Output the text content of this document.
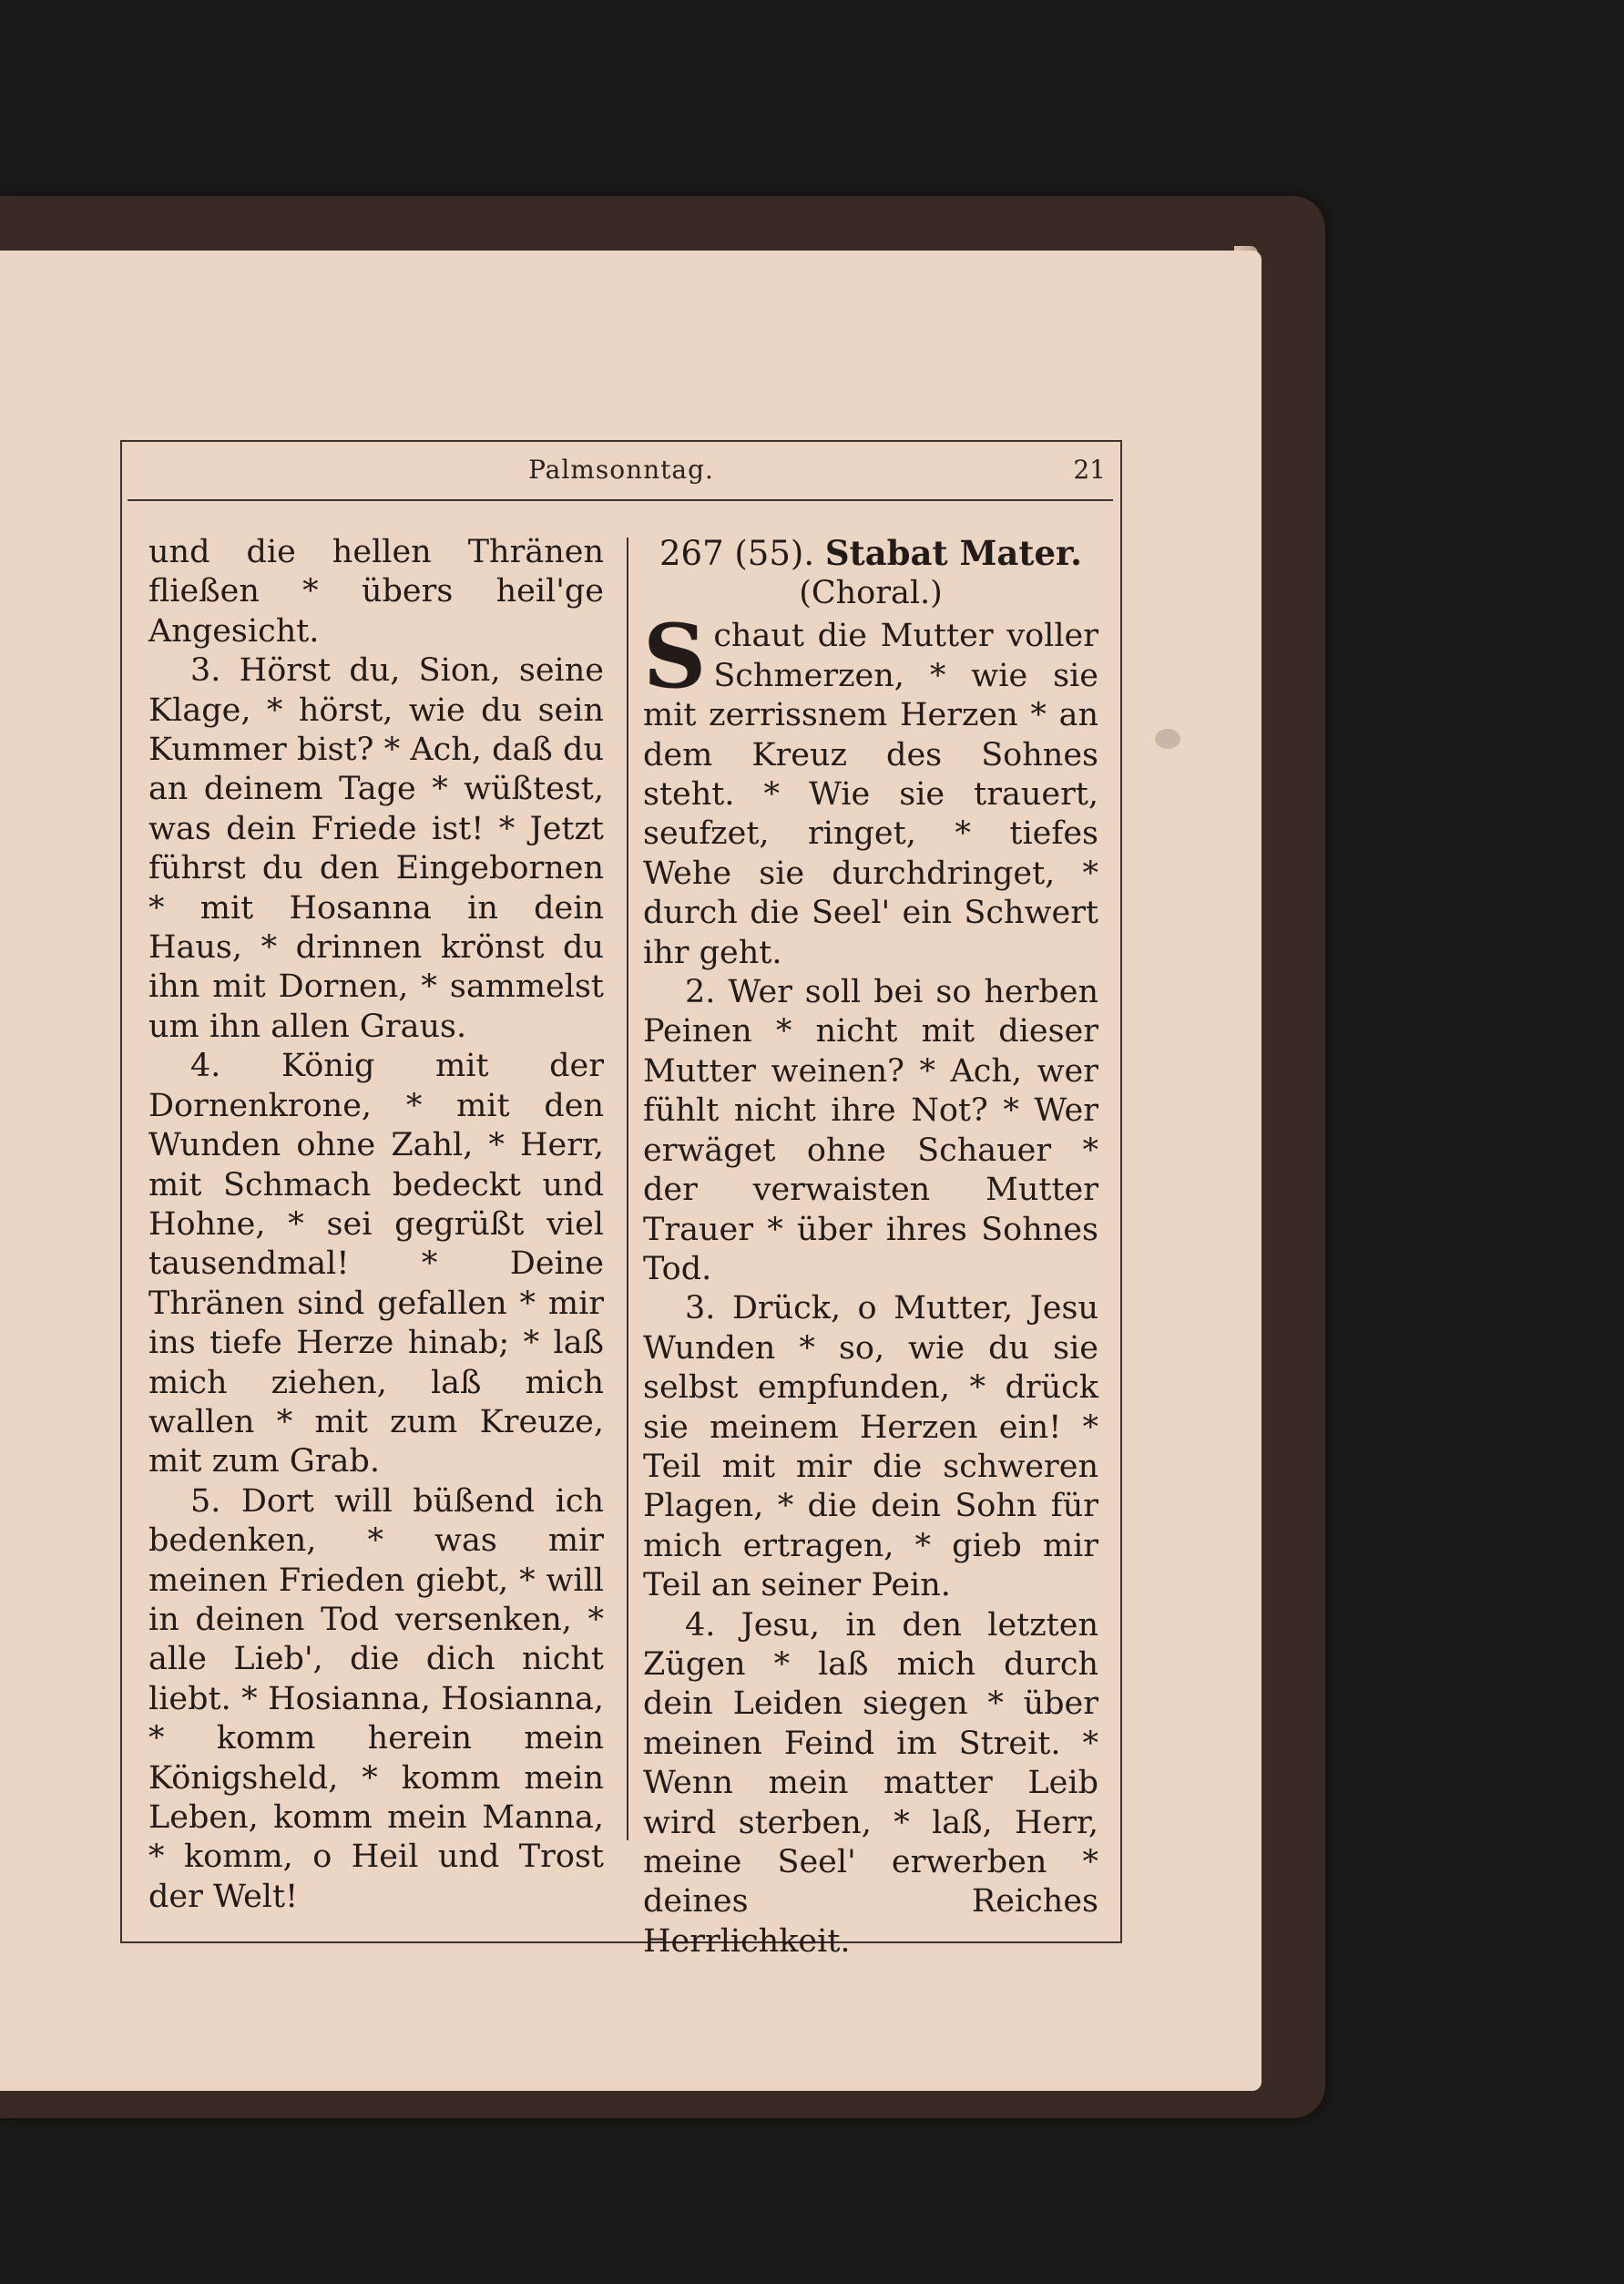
Palmsonntag.	21

und die hellen Thränen fließen * übers heil'ge Angesicht.

3. Hörst du, Sion, seine Klage, * hörst, wie du sein Kummer bist? * Ach, daß du an deinem Tage * wüßtest, was dein Friede ist! * Jetzt führst du den Eingebornen * mit Hosanna in dein Haus, * drinnen krönst du ihn mit Dornen, * sammelst um ihn allen Graus.

4. König mit der Dornenkrone, * mit den Wunden ohne Zahl, * Herr, mit Schmach bedeckt und Hohne, * sei gegrüßt viel tausendmal! * Deine Thränen sind gefallen * mir ins tiefe Herze hinab; * laß mich ziehen, laß mich wallen * mit zum Kreuze, mit zum Grab.

5. Dort will büßend ich bedenken, * was mir meinen Frieden giebt, * will in deinen Tod versenken, * alle Lieb', die dich nicht liebt. * Hosianna, Hosianna, * komm herein mein Königsheld, * komm mein Leben, komm mein Manna, * komm, o Heil und Trost der Welt!

267 (55). Stabat Mater.
(Choral.)

Schaut die Mutter voller Schmerzen, * wie sie mit zerrissnem Herzen * an dem Kreuz des Sohnes steht. * Wie sie trauert, seufzet, ringet, * tiefes Wehe sie durchdringet, * durch die Seel' ein Schwert ihr geht.

2. Wer soll bei so herben Peinen * nicht mit dieser Mutter weinen? * Ach, wer fühlt nicht ihre Not? * Wer erwäget ohne Schauer * der verwaisten Mutter Trauer * über ihres Sohnes Tod.

3. Drück, o Mutter, Jesu Wunden * so, wie du sie selbst empfunden, * drück sie meinem Herzen ein! * Teil mit mir die schweren Plagen, * die dein Sohn für mich ertragen, * gieb mir Teil an seiner Pein.

4. Jesu, in den letzten Zügen * laß mich durch dein Leiden siegen * über meinen Feind im Streit. * Wenn mein matter Leib wird sterben, * laß, Herr, meine Seel' erwerben * deines Reiches Herrlichkeit.
